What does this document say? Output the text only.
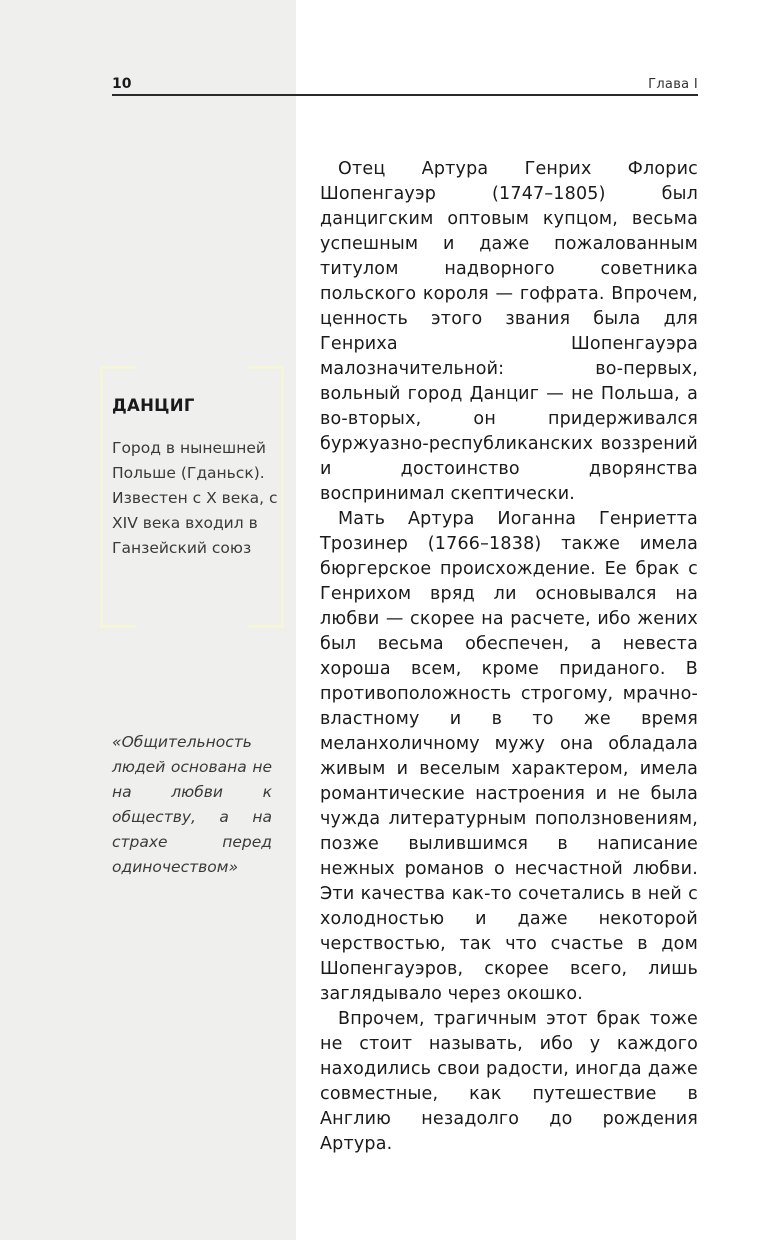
10	Глава I
ДАНЦИГ

Город в нынешней Польше (Гданьск). Известен с X века, с XIV века входил в Ганзейский союз

«Общительность людей основана не на любви к обществу, а на страхе перед одиночеством»

Отец Артура Генрих Флорис Шопенгауэр (1747–1805) был данцигским оптовым купцом, весьма успешным и даже пожалованным титулом надворного советника польского короля — гофрата. Впрочем, ценность этого звания была для Генриха Шопенгауэра малозначительной: во-первых, вольный город Данциг — не Польша, а во-вторых, он придерживался буржуазно-республиканских воззрений и достоинство дворянства воспринимал скептически.

Мать Артура Иоганна Генриетта Трозинер (1766–1838) также имела бюргерское происхождение. Ее брак с Генрихом вряд ли основывался на любви — скорее на расчете, ибо жених был весьма обеспечен, а невеста хороша всем, кроме приданого. В противоположность строгому, мрачно-властному и в то же время меланхоличному мужу она обладала живым и веселым характером, имела романтические настроения и не была чужда литературным поползновениям, позже вылившимся в написание нежных романов о несчастной любви. Эти качества как-то сочетались в ней с холодностью и даже некоторой черствостью, так что счастье в дом Шопенгауэров, скорее всего, лишь заглядывало через окошко.

Впрочем, трагичным этот брак тоже не стоит называть, ибо у каждого находились свои радости, иногда даже совместные, как путешествие в Англию незадолго до рождения Артура.
